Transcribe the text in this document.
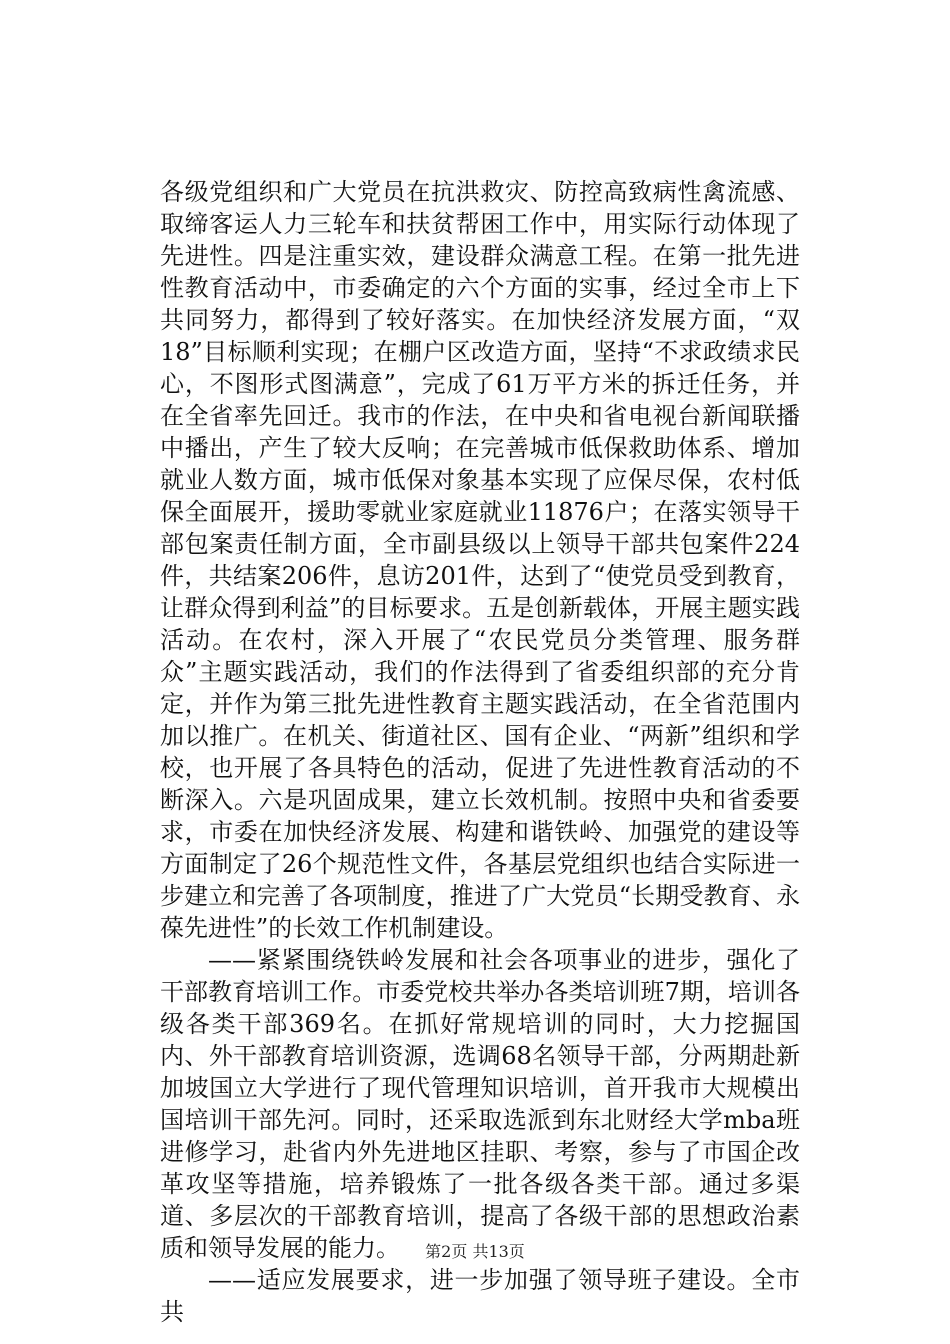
各级党组织和广大党员在抗洪救灾、防控高致病性禽流感、取缔客运人力三轮车和扶贫帮困工作中，用实际行动体现了先进性。四是注重实效，建设群众满意工程。在第一批先进性教育活动中，市委确定的六个方面的实事，经过全市上下共同努力，都得到了较好落实。在加快经济发展方面，“双18”目标顺利实现；在棚户区改造方面，坚持“不求政绩求民心，不图形式图满意”，完成了61万平方米的拆迁任务，并在全省率先回迁。我市的作法，在中央和省电视台新闻联播中播出，产生了较大反响；在完善城市低保救助体系、增加就业人数方面，城市低保对象基本实现了应保尽保，农村低保全面展开，援助零就业家庭就业11876户；在落实领导干部包案责任制方面，全市副县级以上领导干部共包案件224件，共结案206件，息访201件，达到了“使党员受到教育，让群众得到利益”的目标要求。五是创新载体，开展主题实践活动。在农村，深入开展了“农民党员分类管理、服务群众”主题实践活动，我们的作法得到了省委组织部的充分肯定，并作为第三批先进性教育主题实践活动，在全省范围内加以推广。在机关、街道社区、国有企业、“两新”组织和学校，也开展了各具特色的活动，促进了先进性教育活动的不断深入。六是巩固成果，建立长效机制。按照中央和省委要求，市委在加快经济发展、构建和谐铁岭、加强党的建设等方面制定了26个规范性文件，各基层党组织也结合实际进一步建立和完善了各项制度，推进了广大党员“长期受教育、永葆先进性”的长效工作机制建设。

——紧紧围绕铁岭发展和社会各项事业的进步，强化了干部教育培训工作。市委党校共举办各类培训班7期，培训各级各类干部369名。在抓好常规培训的同时，大力挖掘国内、外干部教育培训资源，选调68名领导干部，分两期赴新加坡国立大学进行了现代管理知识培训，首开我市大规模出国培训干部先河。同时，还采取选派到东北财经大学mba班进修学习，赴省内外先进地区挂职、考察，参与了市国企改革攻坚等措施，培养锻炼了一批各级各类干部。通过多渠道、多层次的干部教育培训，提高了各级干部的思想政治素质和领导发展的能力。

——适应发展要求，进一步加强了领导班子建设。全市共

第2页 共13页
